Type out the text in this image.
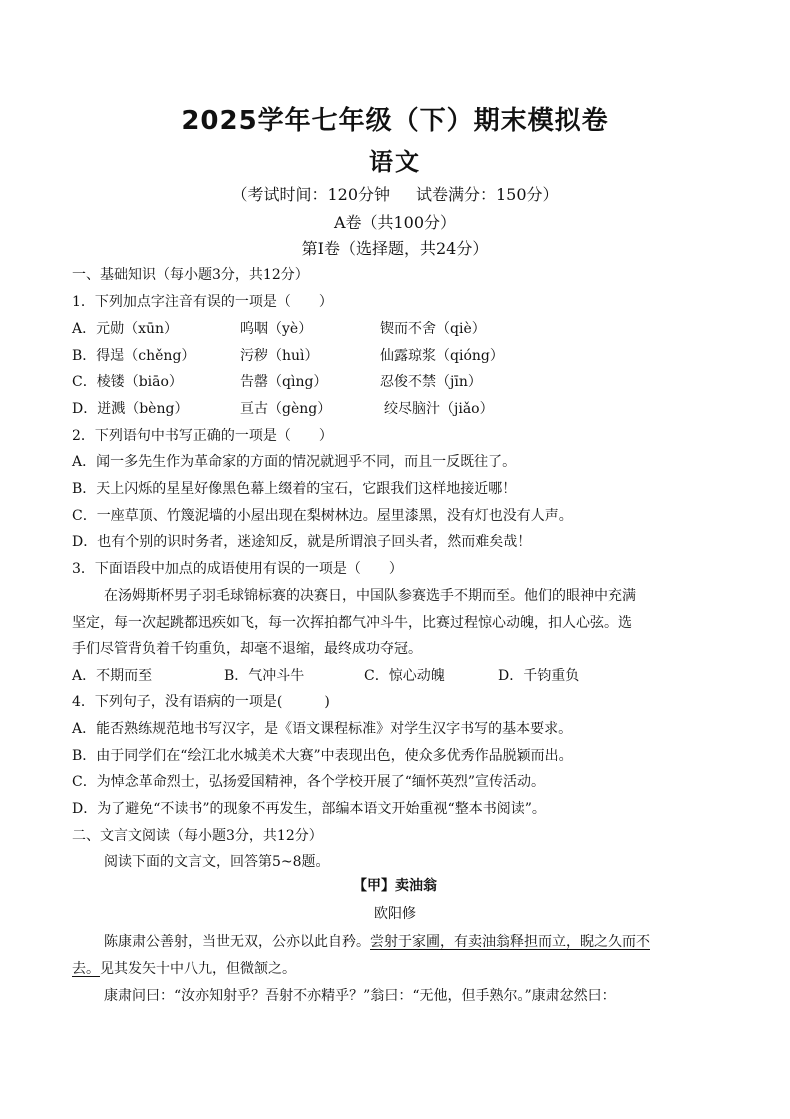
2025学年七年级（下）期末模拟卷
语文
（考试时间：120分钟 试卷满分：150分）
A卷（共100分）
第Ⅰ卷（选择题，共24分）
一、基础知识（每小题3分，共12分）
1．下列加点字注音有误的一项是（　　）
A．元勋（xūn）	呜咽（yè）	锲而不舍（qiè）
B．得逞（chěng）	污秽（huì）	仙露琼浆（qióng）
C．棱镂（biāo）	告罄（qìng）	忍俊不禁（jīn）
D．迸溅（bèng）	亘古（gèng）	绞尽脑汁（jiǎo）
2．下列语句中书写正确的一项是（　　）
A．闻一多先生作为革命家的方面的情况就迥乎不同，而且一反既往了。
B．天上闪烁的星星好像黑色幕上缀着的宝石，它跟我们这样地接近哪！
C．一座草顶、竹篾泥墙的小屋出现在梨树林边。屋里漆黑，没有灯也没有人声。
D．也有个别的识时务者，迷途知反，就是所谓浪子回头者，然而难矣哉！
3．下面语段中加点的成语使用有误的一项是（　　）
在汤姆斯杯男子羽毛球锦标赛的决赛日，中国队参赛选手不期而至。他们的眼神中充满
坚定，每一次起跳都迅疾如飞，每一次挥拍都气冲斗牛，比赛过程惊心动魄，扣人心弦。选
手们尽管背负着千钧重负，却毫不退缩，最终成功夺冠。
A．不期而至	B．气冲斗牛	C．惊心动魄	D．千钧重负
4．下列句子，没有语病的一项是(　　　)
A．能否熟练规范地书写汉字，是《语文课程标准》对学生汉字书写的基本要求。
B．由于同学们在“绘江北水城美术大赛”中表现出色，使众多优秀作品脱颖而出。
C．为悼念革命烈士，弘扬爱国精神，各个学校开展了“缅怀英烈”宣传活动。
D．为了避免“不读书”的现象不再发生，部编本语文开始重视“整本书阅读”。
二、文言文阅读（每小题3分，共12分）
阅读下面的文言文，回答第5~8题。
【甲】卖油翁
欧阳修
陈康肃公善射，当世无双，公亦以此自矜。尝射于家圃，有卖油翁释担而立，睨之久而不
去。见其发矢十中八九，但微颔之。
康肃问曰：“汝亦知射乎？吾射不亦精乎？”翁曰：“无他，但手熟尔。”康肃忿然曰：
